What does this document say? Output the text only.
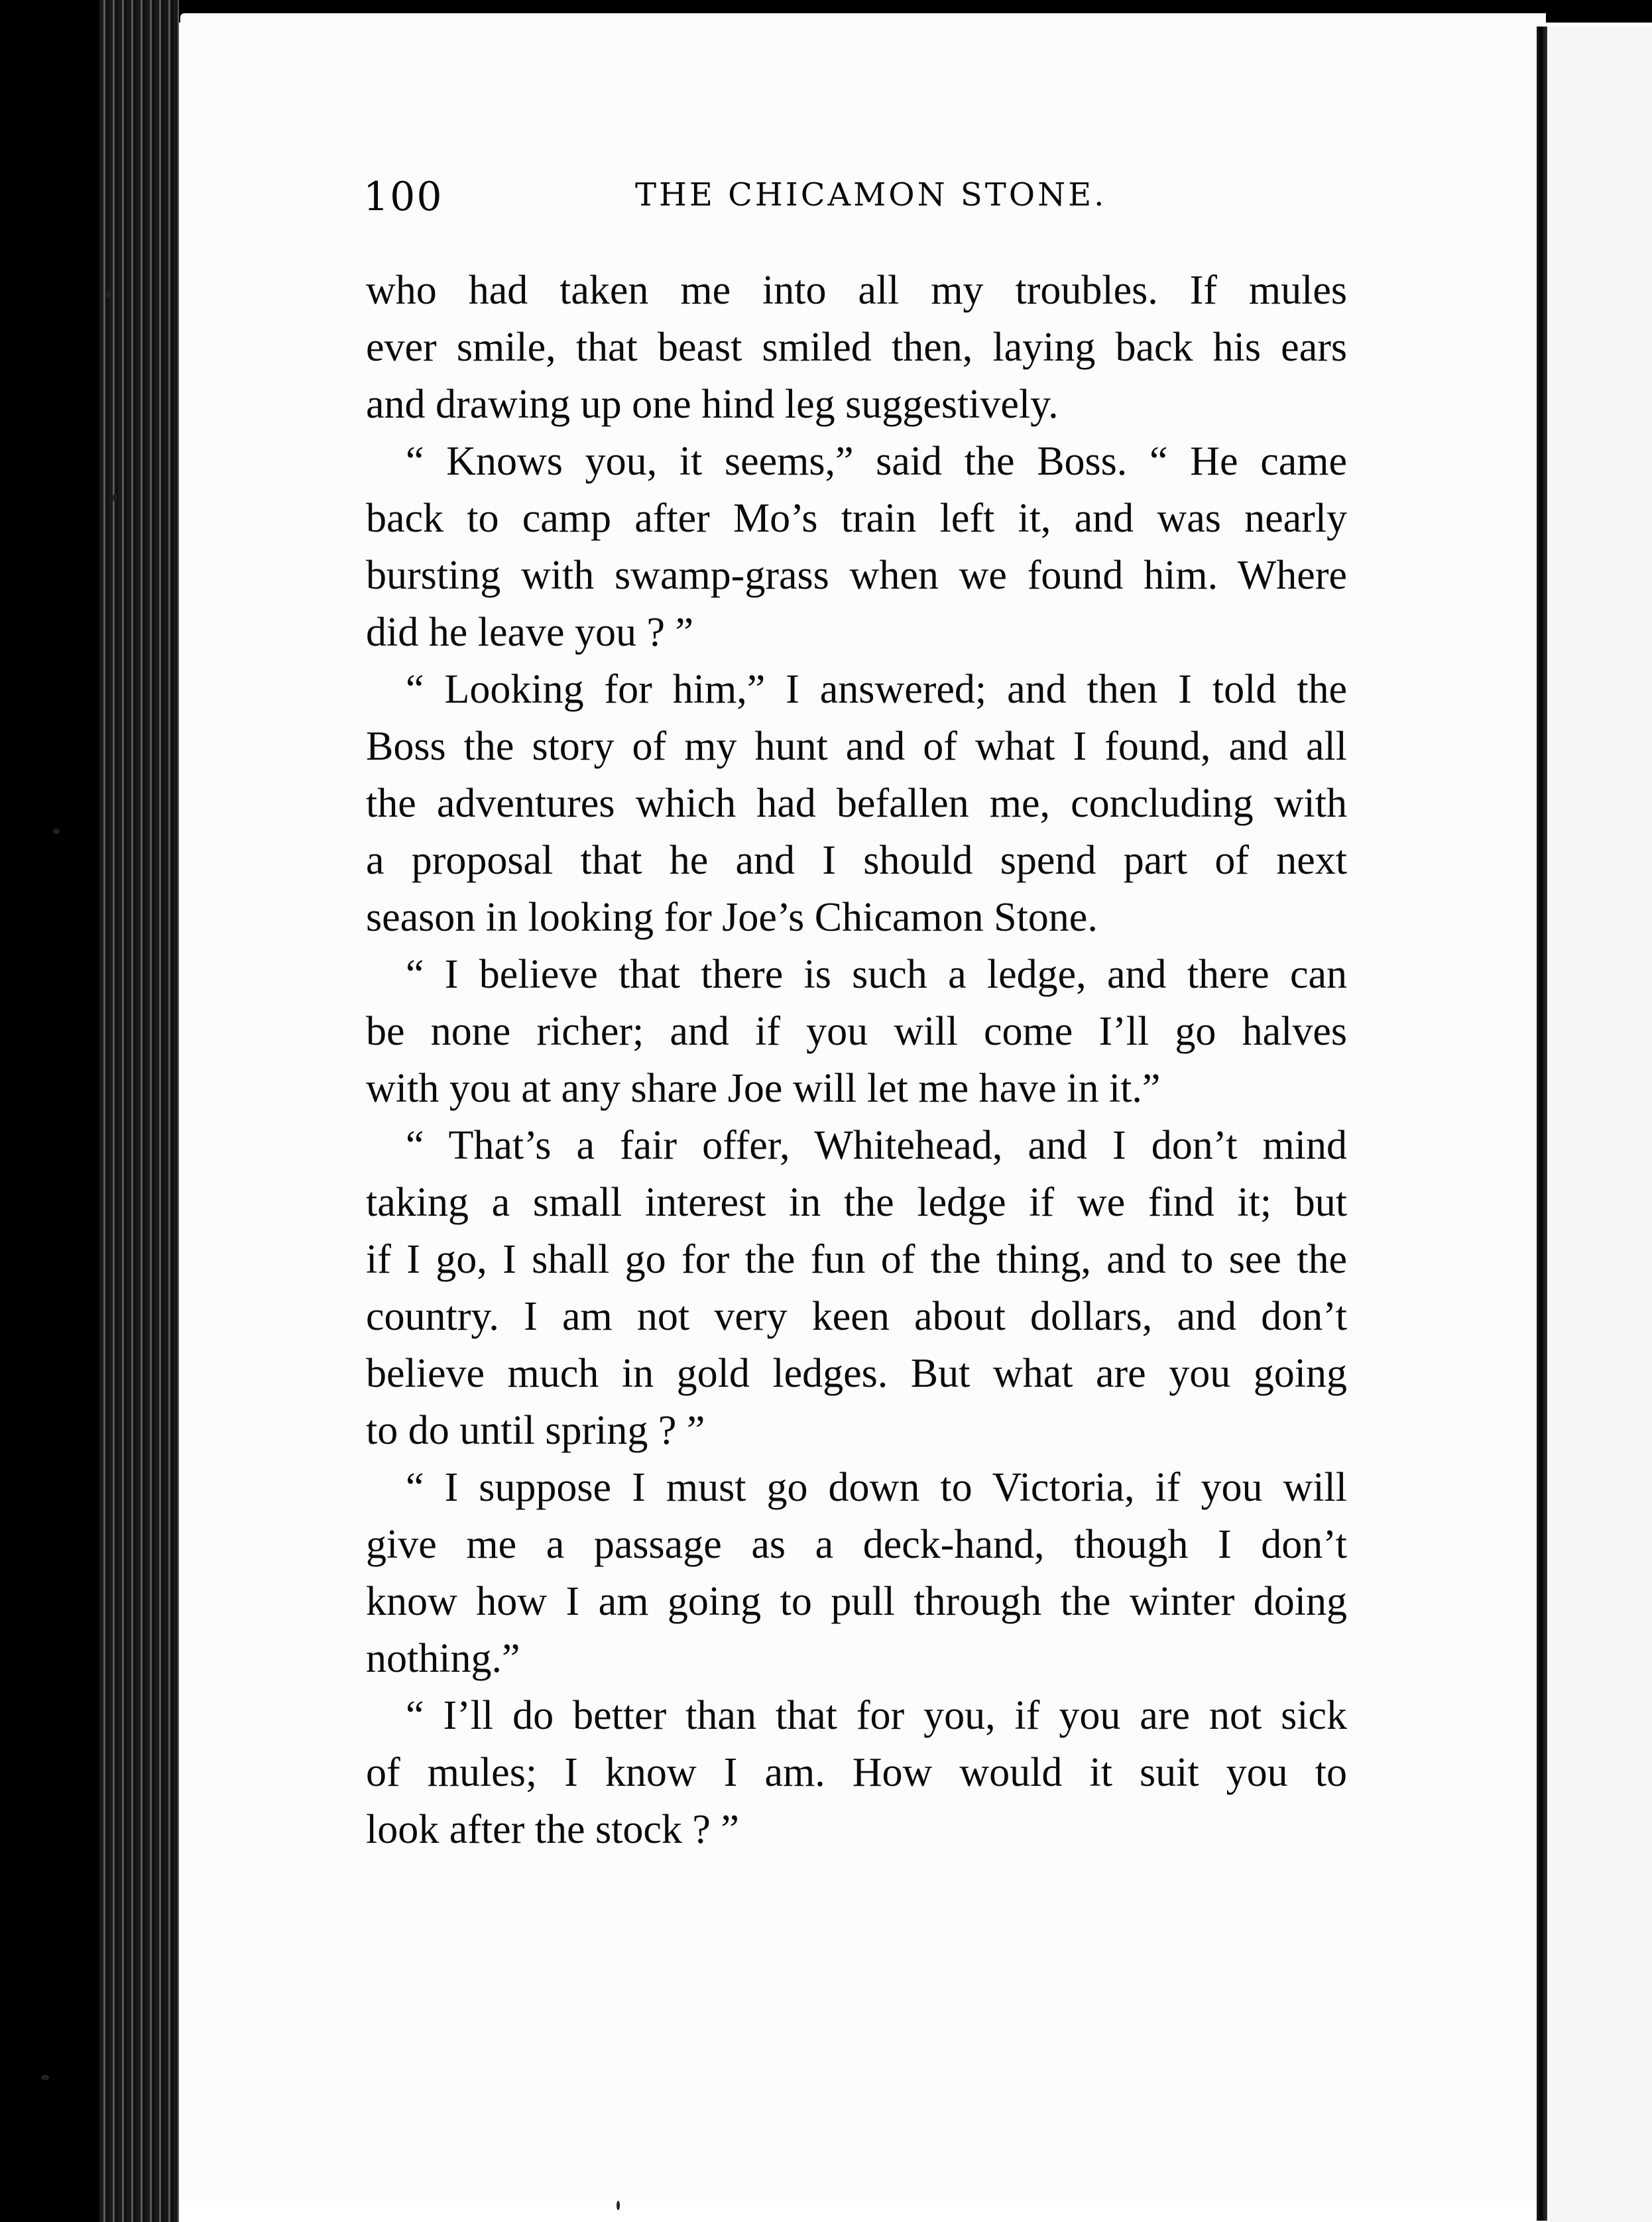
100	THE CHICAMON STONE.
who had taken me into all my troubles. If mules
ever smile, that beast smiled then, laying back his ears
and drawing up one hind leg suggestively.
“ Knows you, it seems,” said the Boss. “ He came
back to camp after Mo’s train left it, and was nearly
bursting with swamp-grass when we found him. Where
did he leave you ? ”
“ Looking for him,” I answered; and then I told the
Boss the story of my hunt and of what I found, and all
the adventures which had befallen me, concluding with
a proposal that he and I should spend part of next
season in looking for Joe’s Chicamon Stone.
“ I believe that there is such a ledge, and there can
be none richer; and if you will come I’ll go halves
with you at any share Joe will let me have in it.”
“ That’s a fair offer, Whitehead, and I don’t mind
taking a small interest in the ledge if we find it; but
if I go, I shall go for the fun of the thing, and to see the
country. I am not very keen about dollars, and don’t
believe much in gold ledges. But what are you going
to do until spring ? ”
“ I suppose I must go down to Victoria, if you will
give me a passage as a deck-hand, though I don’t
know how I am going to pull through the winter doing
nothing.”
“ I’ll do better than that for you, if you are not sick
of mules; I know I am. How would it suit you to
look after the stock ? ”
